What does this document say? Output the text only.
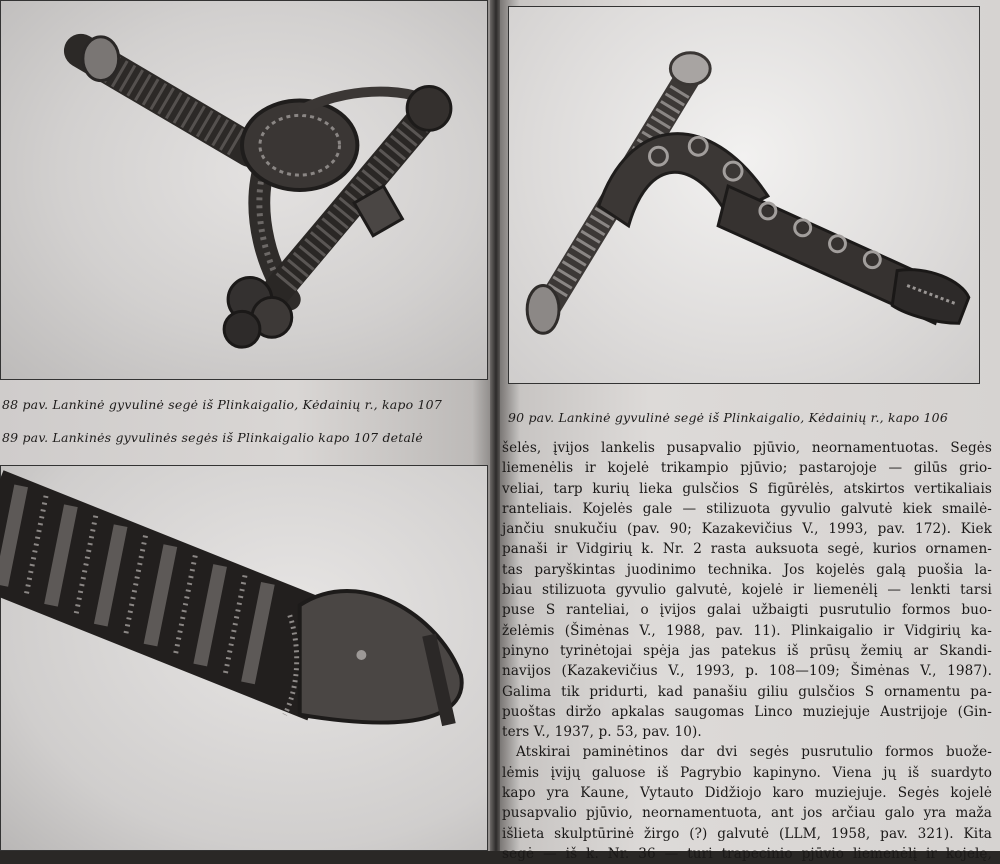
88 pav. Lankinė gyvulinė segė iš Plinkaigalio, Kėdainių r., kapo 107
89 pav. Lankinės gyvulinės segės iš Plinkaigalio kapo 107 detalė
90 pav. Lankinė gyvulinė segė iš Plinkaigalio, Kėdainių r., kapo 106
šelės, įvijos lankelis pusapvalio pjūvio, neornamentuotas. Segės
liemenėlis ir kojelė trikampio pjūvio; pastarojoje — gilūs grio-
veliai, tarp kurių lieka gulsčios S figūrėlės, atskirtos vertikaliais
ranteliais. Kojelės gale — stilizuota gyvulio galvutė kiek smailė-
jančiu snukučiu (pav. 90; Kazakevičius V., 1993, pav. 172). Kiek
panaši ir Vidgirių k. Nr. 2 rasta auksuota segė, kurios ornamen-
tas paryškintas juodinimo technika. Jos kojelės galą puošia la-
biau stilizuota gyvulio galvutė, kojelė ir liemenėlį — lenkti tarsi
puse S ranteliai, o įvijos galai užbaigti pusrutulio formos buo-
želėmis (Šimėnas V., 1988, pav. 11). Plinkaigalio ir Vidgirių ka-
pinyno tyrinėtojai spėja jas patekus iš prūsų žemių ar Skandi-
navijos (Kazakevičius V., 1993, p. 108—109; Šimėnas V., 1987).
Galima tik pridurti, kad panašiu giliu gulsčios S ornamentu pa-
puoštas diržo apkalas saugomas Linco muziejuje Austrijoje (Gin-
ters V., 1937, p. 53, pav. 10).
Atskirai paminėtinos dar dvi segės pusrutulio formos buože-
lėmis įvijų galuose iš Pagrybio kapinyno. Viena jų iš suardyto
kapo yra Kaune, Vytauto Didžiojo karo muziejuje. Segės kojelė
pusapvalio pjūvio, neornamentuota, ant jos arčiau galo yra maža
išlieta skulptūrinė žirgo (?) galvutė (LLM, 1958, pav. 321). Kita
segė — iš k. Nr. 36 — turi trapecinio pjūvio liemenėlį ir kojelę,
